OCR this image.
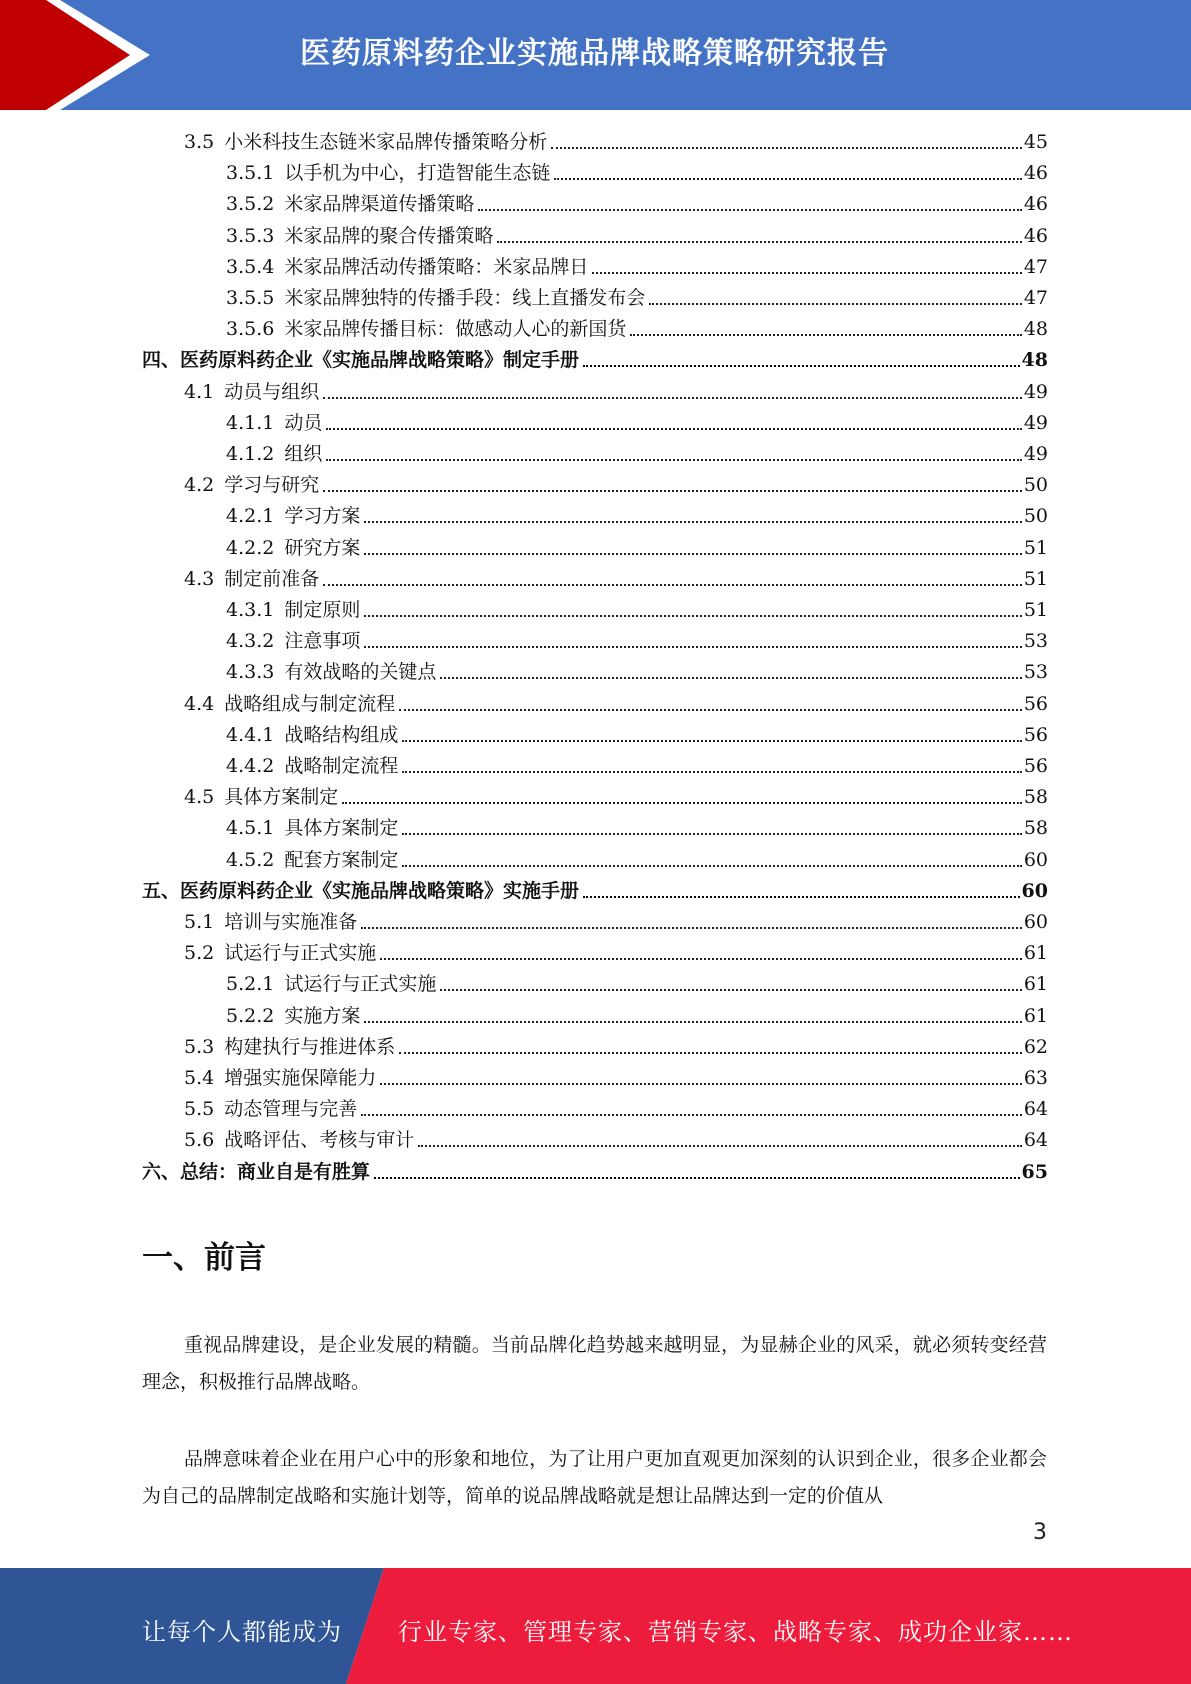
医药原料药企业实施品牌战略策略研究报告
3.5 小米科技生态链米家品牌传播策略分析	45
3.5.1 以手机为中心，打造智能生态链	46
3.5.2 米家品牌渠道传播策略	46
3.5.3 米家品牌的聚合传播策略	46
3.5.4 米家品牌活动传播策略：米家品牌日	47
3.5.5 米家品牌独特的传播手段：线上直播发布会	47
3.5.6 米家品牌传播目标：做感动人心的新国货	48
四、医药原料药企业《实施品牌战略策略》制定手册	48
4.1 动员与组织	49
4.1.1 动员	49
4.1.2 组织	49
4.2 学习与研究	50
4.2.1 学习方案	50
4.2.2 研究方案	51
4.3 制定前准备	51
4.3.1 制定原则	51
4.3.2 注意事项	53
4.3.3 有效战略的关键点	53
4.4 战略组成与制定流程	56
4.4.1 战略结构组成	56
4.4.2 战略制定流程	56
4.5 具体方案制定	58
4.5.1 具体方案制定	58
4.5.2 配套方案制定	60
五、医药原料药企业《实施品牌战略策略》实施手册	60
5.1 培训与实施准备	60
5.2 试运行与正式实施	61
5.2.1 试运行与正式实施	61
5.2.2 实施方案	61
5.3 构建执行与推进体系	62
5.4 增强实施保障能力	63
5.5 动态管理与完善	64
5.6 战略评估、考核与审计	64
六、总结：商业自是有胜算	65
一、前言
重视品牌建设，是企业发展的精髓。当前品牌化趋势越来越明显，为显赫企业的风采，就必须转变经营理念，积极推行品牌战略。
品牌意味着企业在用户心中的形象和地位，为了让用户更加直观更加深刻的认识到企业，很多企业都会为自己的品牌制定战略和实施计划等，简单的说品牌战略就是想让品牌达到一定的价值从
3
让每个人都能成为 行业专家、管理专家、营销专家、战略专家、成功企业家……
